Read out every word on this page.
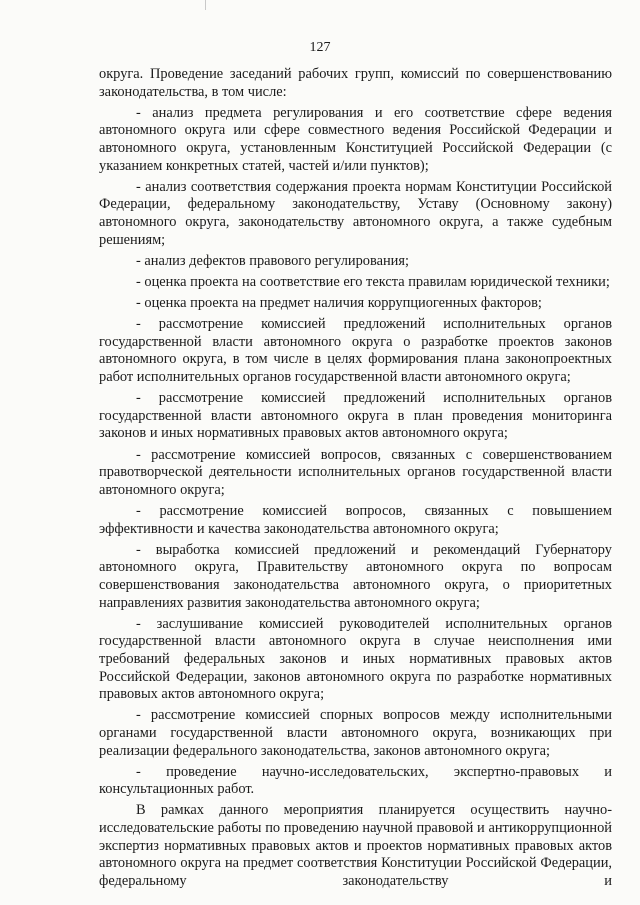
127

округа. Проведение заседаний рабочих групп, комиссий по совершенствованию законодательства, в том числе:

- анализ предмета регулирования и его соответствие сфере ведения автономного округа или сфере совместного ведения Российской Федерации и автономного округа, установленным Конституцией Российской Федерации (с указанием конкретных статей, частей и/или пунктов);

- анализ соответствия содержания проекта нормам Конституции Российской Федерации, федеральному законодательству, Уставу (Основному закону) автономного округа, законодательству автономного округа, а также судебным решениям;

- анализ дефектов правового регулирования;

- оценка проекта на соответствие его текста правилам юридической техники;

- оценка проекта на предмет наличия коррупциогенных факторов;

- рассмотрение комиссией предложений исполнительных органов государственной власти автономного округа о разработке проектов законов автономного округа, в том числе в целях формирования плана законопроектных работ исполнительных органов государственной власти автономного округа;

- рассмотрение комиссией предложений исполнительных органов государственной власти автономного округа в план проведения мониторинга законов и иных нормативных правовых актов автономного округа;

- рассмотрение комиссией вопросов, связанных с совершенствованием правотворческой деятельности исполнительных органов государственной власти автономного округа;

- рассмотрение комиссией вопросов, связанных с повышением эффективности и качества законодательства автономного округа;

- выработка комиссией предложений и рекомендаций Губернатору автономного округа, Правительству автономного округа по вопросам совершенствования законодательства автономного округа, о приоритетных направлениях развития законодательства автономного округа;

- заслушивание комиссией руководителей исполнительных органов государственной власти автономного округа в случае неисполнения ими требований федеральных законов и иных нормативных правовых актов Российской Федерации, законов автономного округа по разработке нормативных правовых актов автономного округа;

- рассмотрение комиссией спорных вопросов между исполнительными органами государственной власти автономного округа, возникающих при реализации федерального законодательства, законов автономного округа;

- проведение научно-исследовательских, экспертно-правовых и консультационных работ.

В рамках данного мероприятия планируется осуществить научно-исследовательские работы по проведению научной правовой и антикоррупционной экспертиз нормативных правовых актов и проектов нормативных правовых актов автономного округа на предмет соответствия Конституции Российской Федерации, федеральному законодательству и
